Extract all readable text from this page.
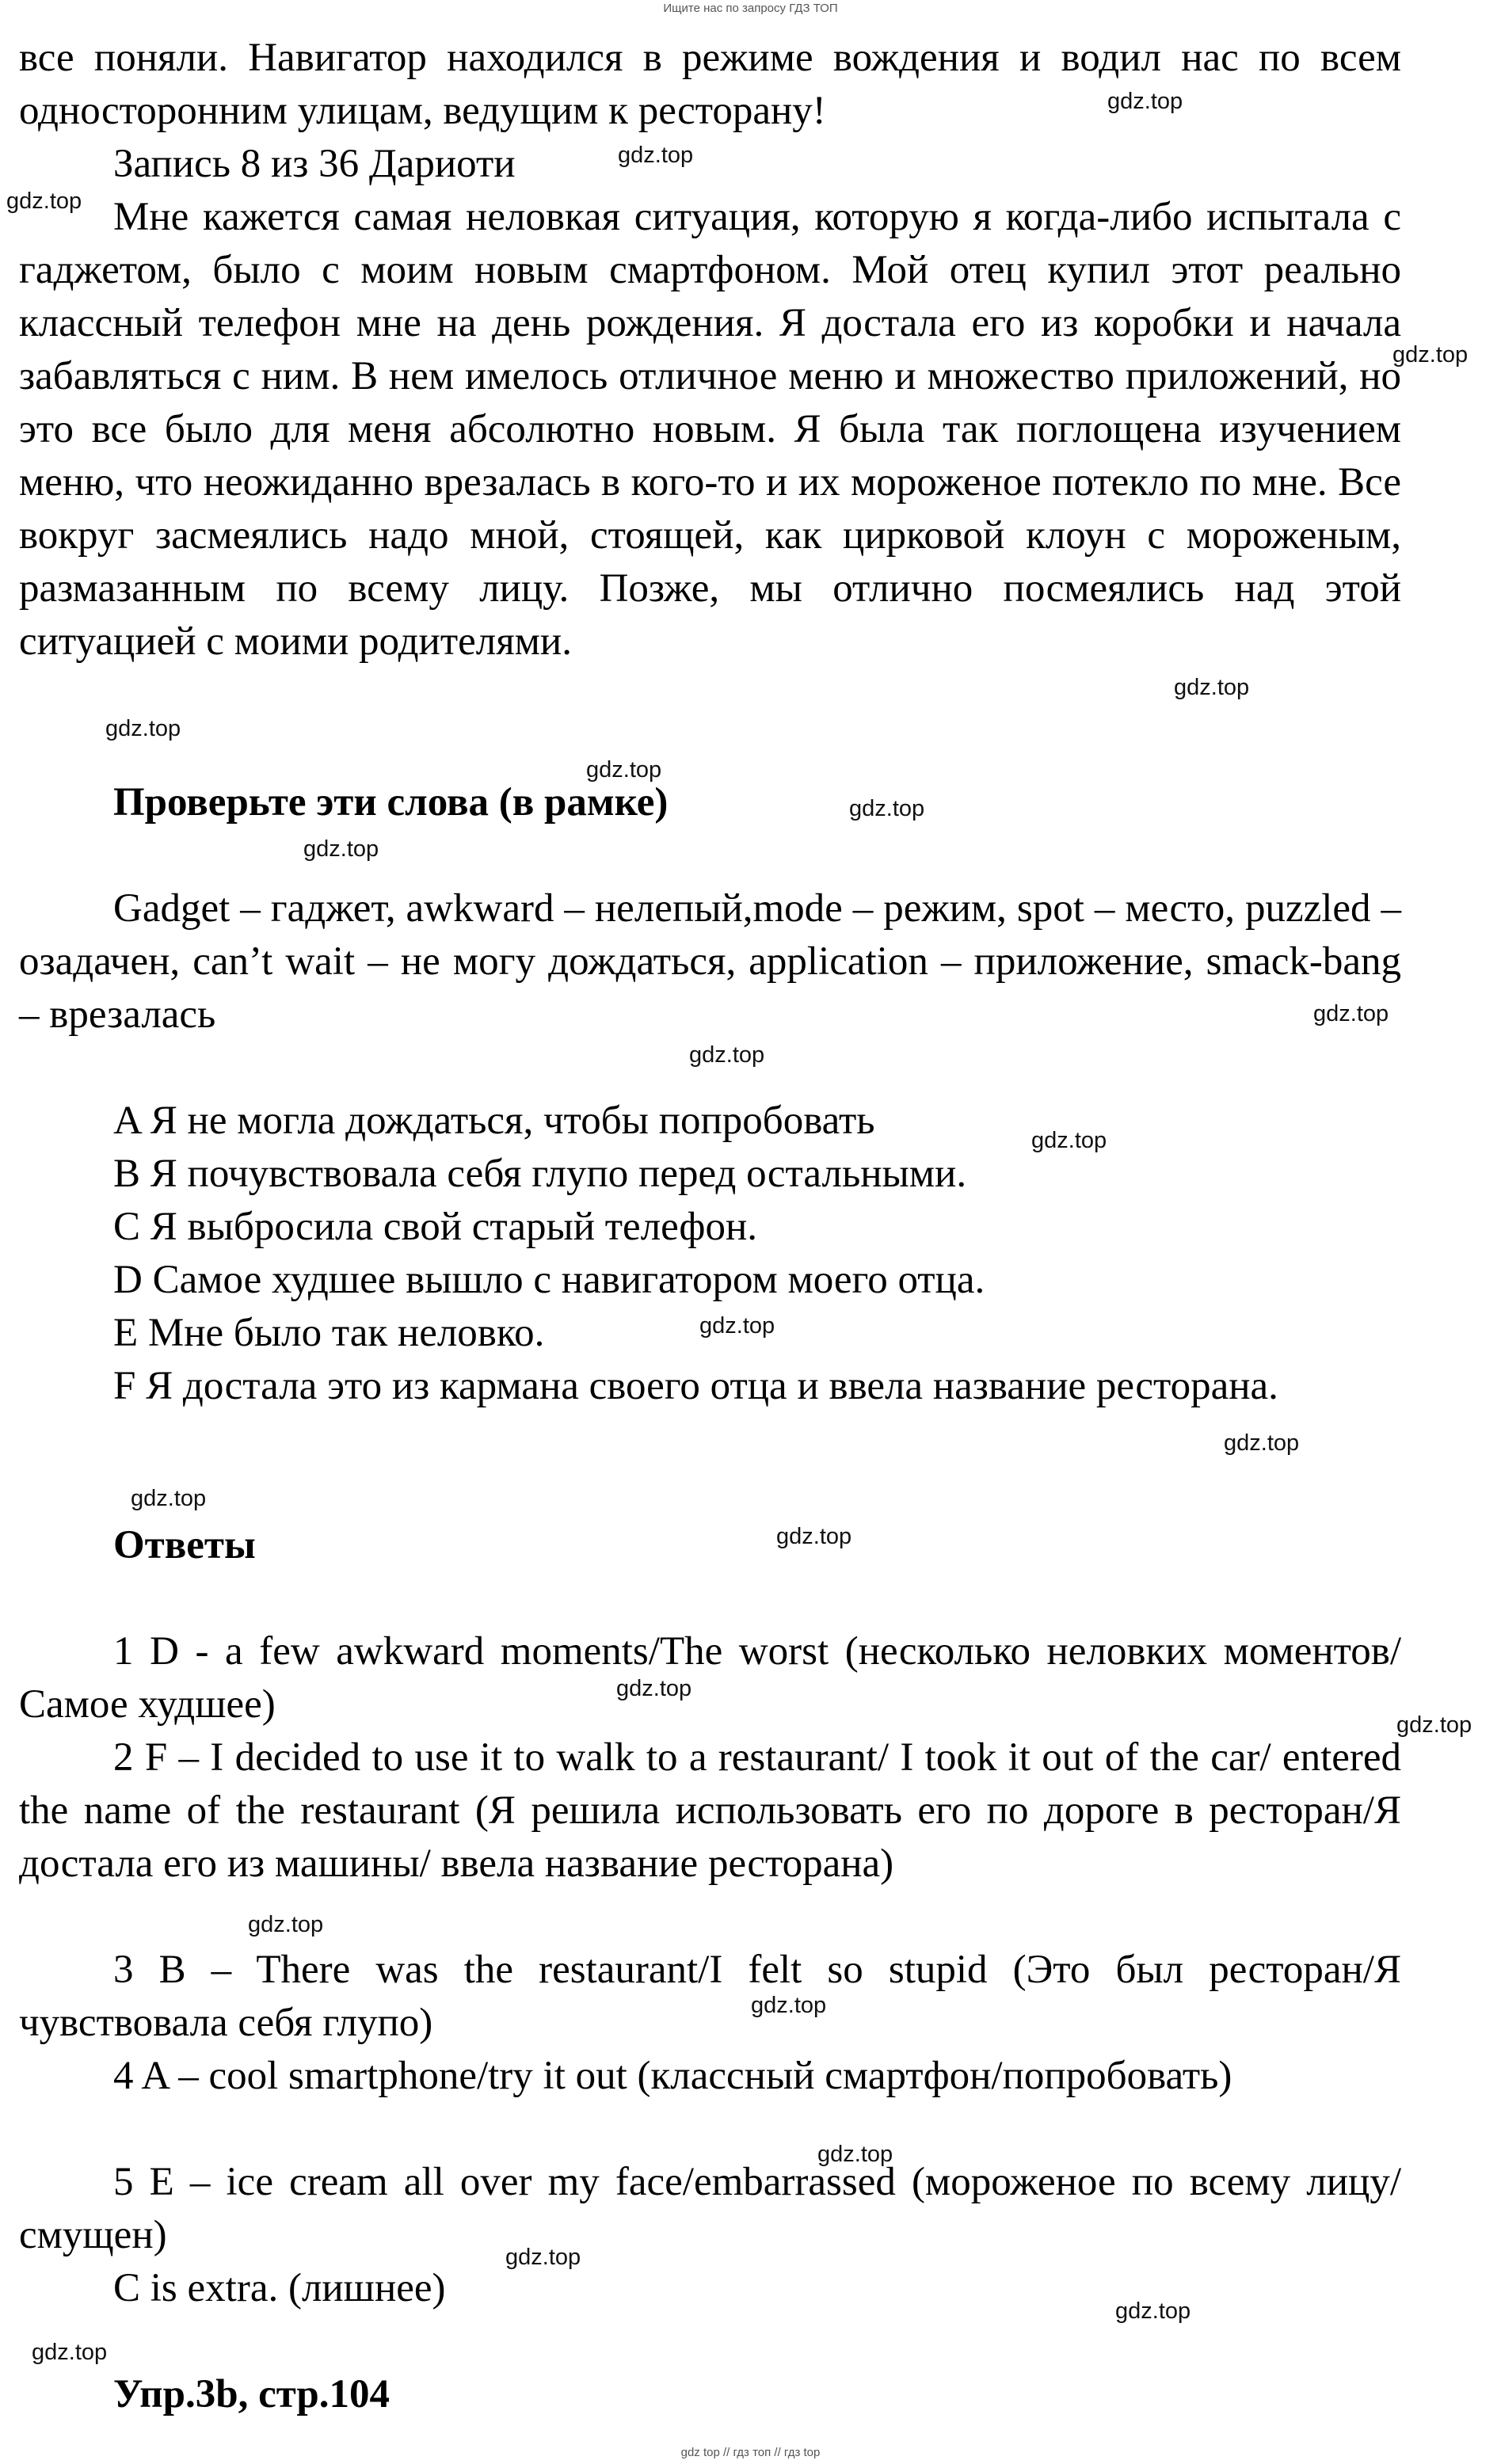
Ищите нас по запросу ГДЗ ТОП

все поняли. Навигатор находился в режиме вождения и водил нас по всем односторонним улицам, ведущим к ресторану!

Запись 8 из 36 Дариоти

Мне кажется самая неловкая ситуация, которую я когда-либо испытала с гаджетом, было с моим новым смартфоном. Мой отец купил этот реально классный телефон мне на день рождения. Я достала его из коробки и начала забавляться с ним. В нем имелось отличное меню и множество приложений, но это все было для меня абсолютно новым. Я была так поглощена изучением меню, что неожиданно врезалась в кого-то и их мороженое потекло по мне. Все вокруг засмеялись надо мной, стоящей, как цирковой клоун с мороженым, размазанным по всему лицу. Позже, мы отлично посмеялись над этой ситуацией с моими родителями.

Проверьте эти слова (в рамке)

Gadget – гаджет, awkward – нелепый,mode – режим, spot – место, puzzled – озадачен, can’t wait – не могу дождаться, application – приложение, smack-bang – врезалась

A Я не могла дождаться, чтобы попробовать

B Я почувствовала себя глупо перед остальными.

C Я выбросила свой старый телефон.

D Самое худшее вышло с навигатором моего отца.

E Мне было так неловко.

F Я достала это из кармана своего отца и ввела название ресторана.

Ответы

1 D - a few awkward moments/The worst (несколько неловких моментов/Самое худшее)

2 F – I decided to use it to walk to a restaurant/ I took it out of the car/ entered the name of the restaurant (Я решила использовать его по дороге в ресторан/Я достала его из машины/ ввела название ресторана)

3 B – There was the restaurant/I felt so stupid (Это был ресторан/Я чувствовала себя глупо)

4 A – cool smartphone/try it out (классный смартфон/попробовать)

5 E – ice cream all over my face/embarrassed (мороженое по всему лицу/смущен)

C is extra. (лишнее)

Упр.3b, стр.104

gdz.top
gdz.top
gdz.top
gdz.top
gdz.top
gdz.top
gdz.top
gdz.top
gdz.top
gdz.top
gdz.top
gdz.top
gdz.top
gdz.top
gdz.top
gdz.top
gdz.top
gdz.top
gdz.top
gdz.top
gdz.top
gdz.top
gdz.top
gdz.top
gdz top // гдз топ // гдз top
